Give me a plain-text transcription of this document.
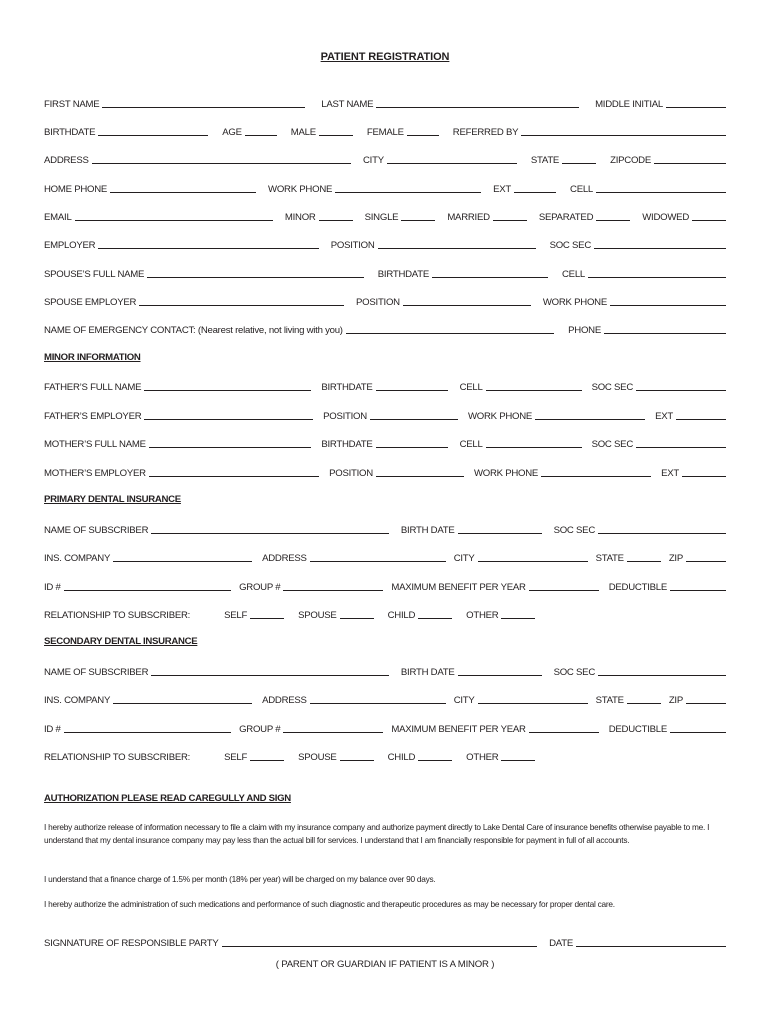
PATIENT REGISTRATION
FIRST NAME	LAST NAME	MIDDLE INITIAL
BIRTHDATE	AGE	MALE	FEMALE	REFERRED BY
ADDRESS	CITY	STATE	ZIPCODE
HOME PHONE	WORK PHONE	EXT	CELL
EMAIL	MINOR	SINGLE	MARRIED	SEPARATED	WIDOWED
EMPLOYER	POSITION	SOC SEC
SPOUSE’S FULL NAME	BIRTHDATE	CELL
SPOUSE EMPLOYER	POSITION	WORK PHONE
NAME OF EMERGENCY CONTACT: (Nearest relative, not living with you)	PHONE
MINOR INFORMATION
FATHER’S FULL NAME	BIRTHDATE	CELL	SOC SEC
FATHER’S EMPLOYER	POSITION	WORK PHONE	EXT
MOTHER’S FULL NAME	BIRTHDATE	CELL	SOC SEC
MOTHER’S EMPLOYER	POSITION	WORK PHONE	EXT
PRIMARY DENTAL INSURANCE
NAME OF SUBSCRIBER	BIRTH DATE	SOC SEC
INS. COMPANY	ADDRESS	CITY	STATE	ZIP
ID #	GROUP #	MAXIMUM BENEFIT PER YEAR	DEDUCTIBLE
RELATIONSHIP TO SUBSCRIBER:	SELF	SPOUSE	CHILD	OTHER
SECONDARY DENTAL INSURANCE
NAME OF SUBSCRIBER	BIRTH DATE	SOC SEC
INS. COMPANY	ADDRESS	CITY	STATE	ZIP
ID #	GROUP #	MAXIMUM BENEFIT PER YEAR	DEDUCTIBLE
RELATIONSHIP TO SUBSCRIBER:	SELF	SPOUSE	CHILD	OTHER
AUTHORIZATION PLEASE READ CAREGULLY AND SIGN
I hereby authorize release of information necessary to file a claim with my insurance company and authorize payment directly to Lake Dental Care of insurance benefits otherwise payable to me. I understand that my dental insurance company may pay less than the actual bill for services. I understand that I am financially responsible for payment in full of all accounts.
I understand that a finance charge of 1.5% per month (18% per year) will be charged on my balance over 90 days.
I hereby authorize the administration of such medications and performance of such diagnostic and therapeutic procedures as may be necessary for proper dental care.
SIGNNATURE OF RESPONSIBLE PARTY	DATE
( PARENT OR GUARDIAN IF PATIENT IS A MINOR )
